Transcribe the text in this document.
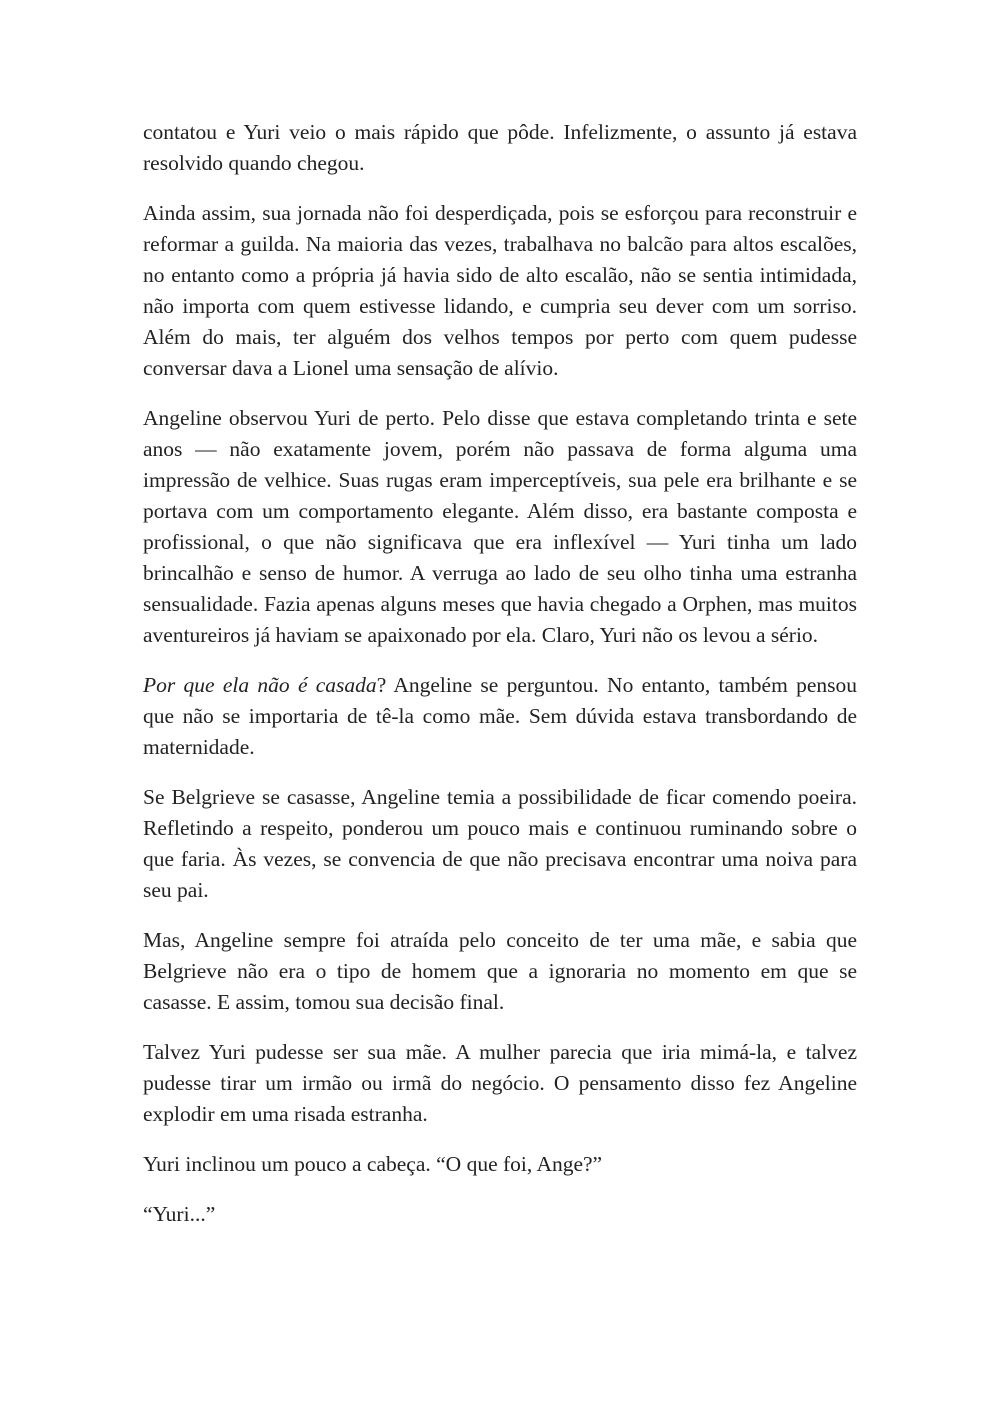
contatou e Yuri veio o mais rápido que pôde. Infelizmente, o assunto já estava resolvido quando chegou.

Ainda assim, sua jornada não foi desperdiçada, pois se esforçou para reconstruir e reformar a guilda. Na maioria das vezes, trabalhava no balcão para altos escalões, no entanto como a própria já havia sido de alto escalão, não se sentia intimidada, não importa com quem estivesse lidando, e cumpria seu dever com um sorriso. Além do mais, ter alguém dos velhos tempos por perto com quem pudesse conversar dava a Lionel uma sensação de alívio.

Angeline observou Yuri de perto. Pelo disse que estava completando trinta e sete anos — não exatamente jovem, porém não passava de forma alguma uma impressão de velhice. Suas rugas eram imperceptíveis, sua pele era brilhante e se portava com um comportamento elegante. Além disso, era bastante composta e profissional, o que não significava que era inflexível — Yuri tinha um lado brincalhão e senso de humor. A verruga ao lado de seu olho tinha uma estranha sensualidade. Fazia apenas alguns meses que havia chegado a Orphen, mas muitos aventureiros já haviam se apaixonado por ela. Claro, Yuri não os levou a sério.

Por que ela não é casada? Angeline se perguntou. No entanto, também pensou que não se importaria de tê-la como mãe. Sem dúvida estava transbordando de maternidade.

Se Belgrieve se casasse, Angeline temia a possibilidade de ficar comendo poeira. Refletindo a respeito, ponderou um pouco mais e continuou ruminando sobre o que faria. Às vezes, se convencia de que não precisava encontrar uma noiva para seu pai.

Mas, Angeline sempre foi atraída pelo conceito de ter uma mãe, e sabia que Belgrieve não era o tipo de homem que a ignoraria no momento em que se casasse. E assim, tomou sua decisão final.

Talvez Yuri pudesse ser sua mãe. A mulher parecia que iria mimá-la, e talvez pudesse tirar um irmão ou irmã do negócio. O pensamento disso fez Angeline explodir em uma risada estranha.

Yuri inclinou um pouco a cabeça. “O que foi, Ange?”

“Yuri...”
